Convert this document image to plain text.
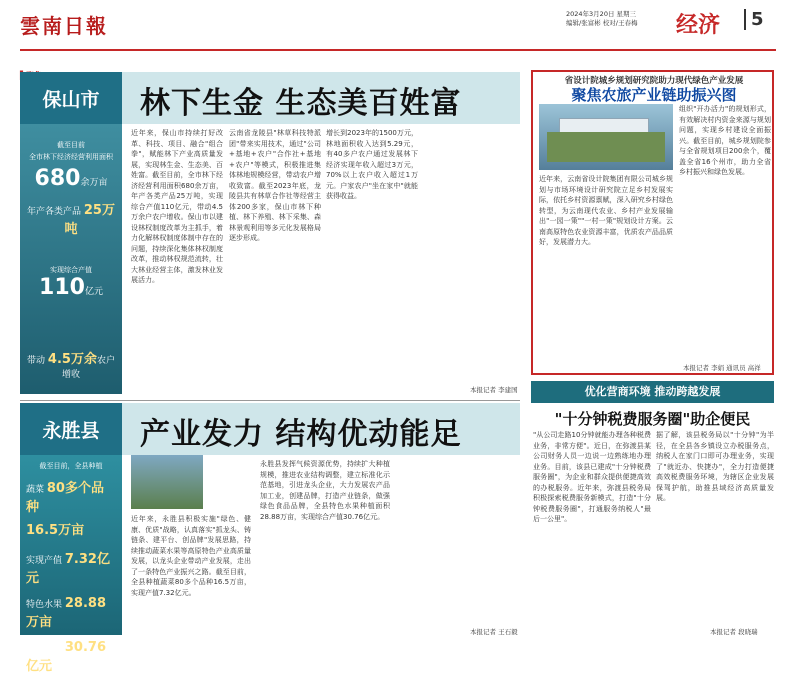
雲南日報	2024年3月20日 星期三
编辑/张富彬 校对/王春梅 经济	5
保山市	林下生金 生态美百姓富
截至目前
全市林下经济经营利用面积
680余万亩
年产各类产品 25万吨
实现综合产值
110亿元
带动 4.5万余农户增收
近年来，保山市持续打好改革、科技、项目、融合"组合拳"，赋能林下产业高质量发展，实现林生金、生态美、百姓富。截至目前，全市林下经济经营利用面积680余万亩，年产各类产品25万吨，实现综合产值110亿元，带动4.5万余户农户增收。保山市以建设林权制度改革为主抓手，着力化解林权制度体制中存在的问题，持续深化集体林权制度改革，推动林权规范流转，壮大林业经营主体，激发林业发展活力。
云南省龙陵县"林草科技特派团"带来实用技术，通过"公司+基地+农户"合作社+基地+农户"等模式，积极推进集体林地规模经营，带动农户增收致富。截至2023年底，龙陵县共有林草合作社等经营主体200多家，保山市林下种植、林下养殖、林下采集、森林景观利用等多元化发展格局逐步形成。
增长到2023年的1500万元，林地面积收入达到5.29元，有40多户农户通过发展林下经济实现年收入超过3万元，70%以上农户收入超过1万元。户家农户"坐在家中"就能获得收益。
本报记者 李建国
永胜县	产业发力 结构优动能足
截至目前，全县种植
蔬菜 80多个品种
16.5万亩
实现产值 7.32亿元
特色水果 28.88万亩
综合产值 30.76亿元
近年来，永胜县积极实施"绿色、健康、优质"战略，认真落实"抓龙头、铸链条、建平台、创品牌"发展思路，持续推动蔬菜水果等高原特色产业高质量发展，以龙头企业带动产业发展，走出了一条特色产业振兴之路。截至目前，全县种植蔬菜80多个品种16.5万亩，实现产值7.32亿元。
永胜县发挥气候资源优势，持续扩大种植规模，推进农业结构调整，建立标准化示范基地，引进龙头企业，大力发展农产品加工业，创建品牌，打造产业链条，做强绿色食品品牌，全县特色水果种植面积28.88万亩，实现综合产值30.76亿元。
本报记者 王石毅
省设计院城乡规划研究院助力现代绿色产业发展
聚焦农旅产业链助振兴图
组织"开办活力"的规划形式，有效解决村内资金来源与规划问题，实现乡村建设全面振兴。截至目前，城乡规划院参与全省规划项目200余个，覆盖全省16个州市，助力全省乡村振兴和绿色发展。
近年来，云南省设计院集团有限公司城乡规划与市场环境设计研究院立足乡村发展实际，依托乡村资源禀赋，深入研究乡村绿色转型，为云南现代农业、乡村产业发展输出"一园一策""一村一策"规划设计方案。云南高原特色农业资源丰富，优质农产品品质好，发展潜力大。
本报记者 李娟 通讯员 高祥
优化营商环境 推动跨越发展
"十分钟税费服务圈"助企便民
"从公司走路10分钟就能办理各种税费业务，非常方便"。近日，在弥渡县某公司财务人员一边说一边熟练地办理业务。目前，该县已建成"十分钟税费服务圈"，为企业和群众提供便捷高效的办税服务。近年来，弥渡县税务局积极探索税费服务新模式，打造"十分钟税费服务圈"，打通服务纳税人"最后一公里"。
据了解，该县税务局以"十分钟"为半径，在全县各乡镇设立办税服务点，纳税人在家门口即可办理业务，实现了"就近办、快捷办"，全力打造便捷高效税费服务环境，为辖区企业发展保驾护航，助推县域经济高质量发展。
本报记者 段晓瑞
